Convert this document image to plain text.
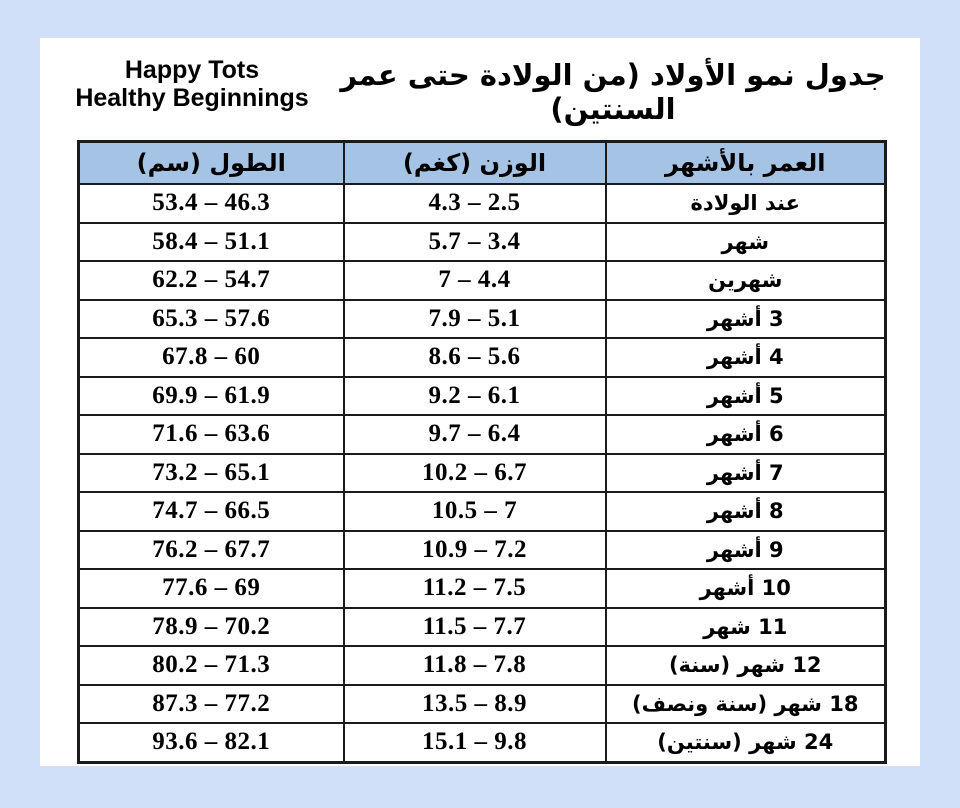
Happy Tots
Healthy Beginnings
جدول نمو الأولاد (من الولادة حتى عمر السنتين)
الطول (سم)	الوزن (كغم)	العمر بالأشهر
53.4 – 46.3	4.3 – 2.5	عند الولادة
58.4 – 51.1	5.7 – 3.4	شهر
62.2 – 54.7	7 – 4.4	شهرين
65.3 – 57.6	7.9 – 5.1	3 أشهر
67.8 – 60	8.6 – 5.6	4 أشهر
69.9 – 61.9	9.2 – 6.1	5 أشهر
71.6 – 63.6	9.7 – 6.4	6 أشهر
73.2 – 65.1	10.2 – 6.7	7 أشهر
74.7 – 66.5	10.5 – 7	8 أشهر
76.2 – 67.7	10.9 – 7.2	9 أشهر
77.6 – 69	11.2 – 7.5	10 أشهر
78.9 – 70.2	11.5 – 7.7	11 شهر
80.2 – 71.3	11.8 – 7.8	12 شهر (سنة)
87.3 – 77.2	13.5 – 8.9	18 شهر (سنة ونصف)
93.6 – 82.1	15.1 – 9.8	24 شهر (سنتين)
